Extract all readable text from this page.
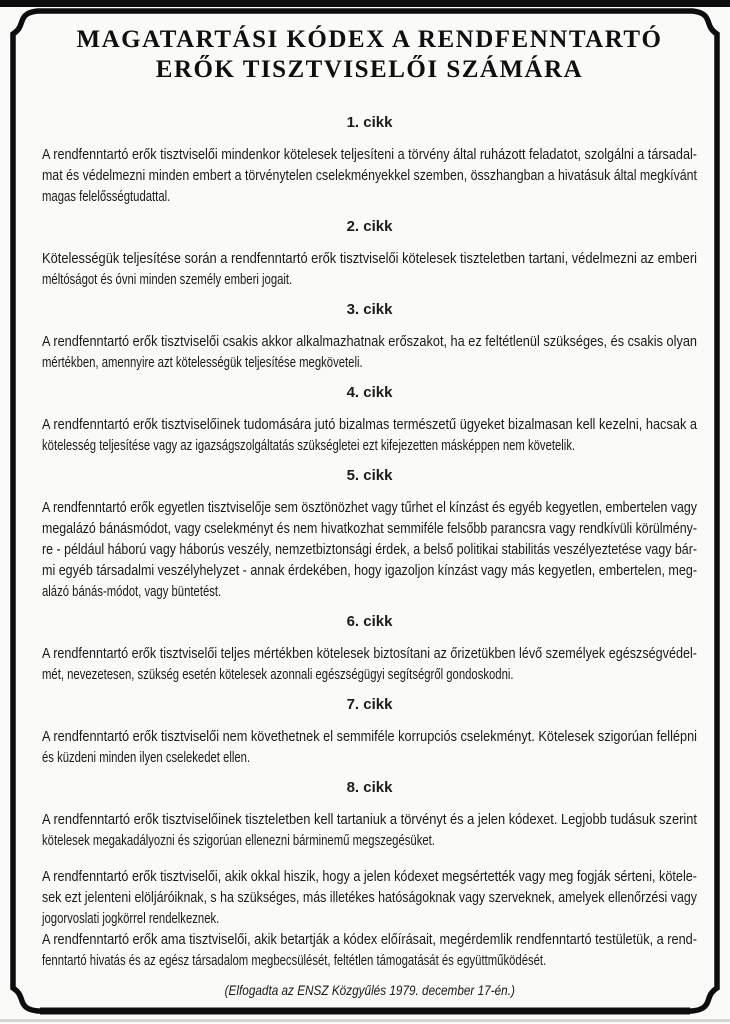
MAGATARTÁSI KÓDEX A RENDFENNTARTÓ
ERŐK TISZTVISELŐI SZÁMÁRA
1. cikk
A rendfenntartó erők tisztviselői mindenkor kötelesek teljesíteni a törvény által ruházott feladatot, szolgálni a társadal-
mat és védelmezni minden embert a törvénytelen cselekményekkel szemben, összhangban a hivatásuk által megkívánt
magas felelősségtudattal.
2. cikk
Kötelességük teljesítése során a rendfenntartó erők tisztviselői kötelesek tiszteletben tartani, védelmezni az emberi
méltóságot és óvni minden személy emberi jogait.
3. cikk
A rendfenntartó erők tisztviselői csakis akkor alkalmazhatnak erőszakot, ha ez feltétlenül szükséges, és csakis olyan
mértékben, amennyire azt kötelességük teljesítése megköveteli.
4. cikk
A rendfenntartó erők tisztviselőinek tudomására jutó bizalmas természetű ügyeket bizalmasan kell kezelni, hacsak a
kötelesség teljesítése vagy az igazságszolgáltatás szükségletei ezt kifejezetten másképpen nem követelik.
5. cikk
A rendfenntartó erők egyetlen tisztviselője sem ösztönözhet vagy tűrhet el kínzást és egyéb kegyetlen, embertelen vagy
megalázó bánásmódot, vagy cselekményt és nem hivatkozhat semmiféle felsőbb parancsra vagy rendkívüli körülmény-
re - például háború vagy háborús veszély, nemzetbiztonsági érdek, a belső politikai stabilitás veszélyeztetése vagy bár-
mi egyéb társadalmi veszélyhelyzet - annak érdekében, hogy igazoljon kínzást vagy más kegyetlen, embertelen, meg-
alázó bánás-módot, vagy büntetést.
6. cikk
A rendfenntartó erők tisztviselői teljes mértékben kötelesek biztosítani az őrizetükben lévő személyek egészségvédel-
mét, nevezetesen, szükség esetén kötelesek azonnali egészségügyi segítségről gondoskodni.
7. cikk
A rendfenntartó erők tisztviselői nem követhetnek el semmiféle korrupciós cselekményt. Kötelesek szigorúan fellépni
és küzdeni minden ilyen cselekedet ellen.
8. cikk
A rendfenntartó erők tisztviselőinek tiszteletben kell tartaniuk a törvényt és a jelen kódexet. Legjobb tudásuk szerint
kötelesek megakadályozni és szigorúan ellenezni bárminemű megszegésüket.
A rendfenntartó erők tisztviselői, akik okkal hiszik, hogy a jelen kódexet megsértették vagy meg fogják sérteni, kötele-
sek ezt jelenteni elöljáróiknak, s ha szükséges, más illetékes hatóságoknak vagy szerveknek, amelyek ellenőrzési vagy
jogorvoslati jogkörrel rendelkeznek.
A rendfenntartó erők ama tisztviselői, akik betartják a kódex előírásait, megérdemlik rendfenntartó testületük, a rend-
fenntartó hivatás és az egész társadalom megbecsülését, feltétlen támogatását és együttműködését.
(Elfogadta az ENSZ Közgyűlés 1979. december 17-én.)
